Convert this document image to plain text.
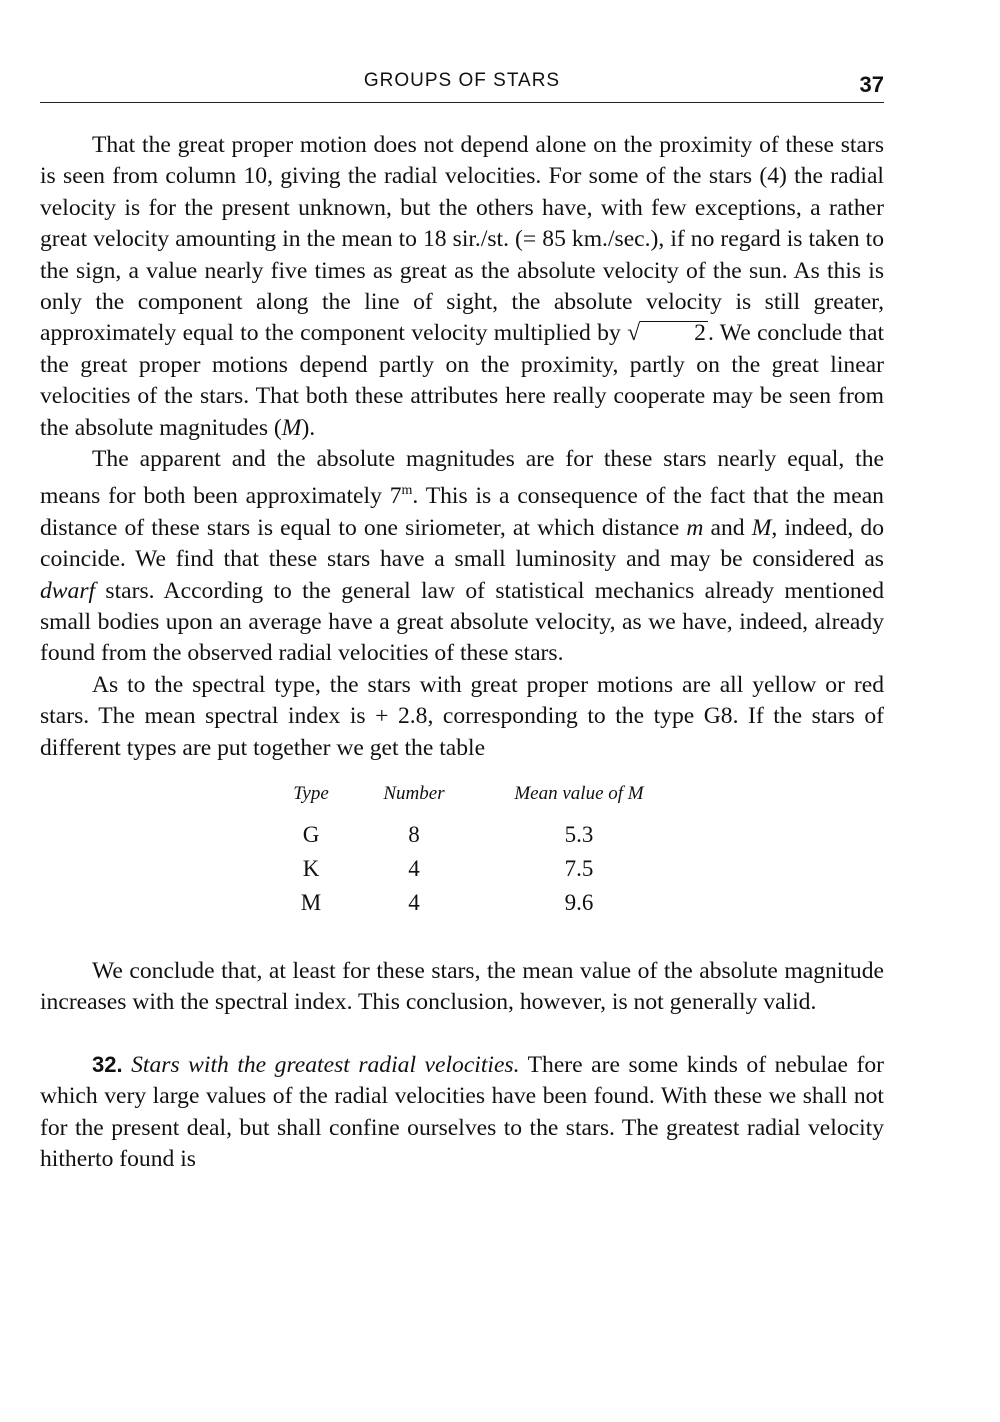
GROUPS OF STARS	37

That the great proper motion does not depend alone on the proximity of these stars is seen from column 10, giving the radial velocities. For some of the stars (4) the radial velocity is for the present unknown, but the others have, with few exceptions, a rather great velocity amounting in the mean to 18 sir./st. (= 85 km./sec.), if no regard is taken to the sign, a value nearly five times as great as the absolute velocity of the sun. As this is only the component along the line of sight, the absolute velocity is still greater, approximately equal to the component velocity multiplied by √ 2. We conclude that the great proper motions depend partly on the proximity, partly on the great linear velocities of the stars. That both these attributes here really cooperate may be seen from the absolute magnitudes (M).

The apparent and the absolute magnitudes are for these stars nearly equal, the means for both been approximately 7$^m$. This is a consequence of the fact that the mean distance of these stars is equal to one siriometer, at which distance m and M, indeed, do coincide. We find that these stars have a small luminosity and may be considered as dwarf stars. According to the general law of statistical mechanics already mentioned small bodies upon an average have a great absolute velocity, as we have, indeed, already found from the observed radial velocities of these stars.

As to the spectral type, the stars with great proper motions are all yellow or red stars. The mean spectral index is + 2.8, corresponding to the type G8. If the stars of different types are put together we get the table

Type	Number	Mean value of M
G	8	5.3
K	4	7.5
M	4	9.6

We conclude that, at least for these stars, the mean value of the absolute magnitude increases with the spectral index. This conclusion, however, is not generally valid.

32. Stars with the greatest radial velocities. There are some kinds of nebulae for which very large values of the radial velocities have been found. With these we shall not for the present deal, but shall confine ourselves to the stars. The greatest radial velocity hitherto found is
